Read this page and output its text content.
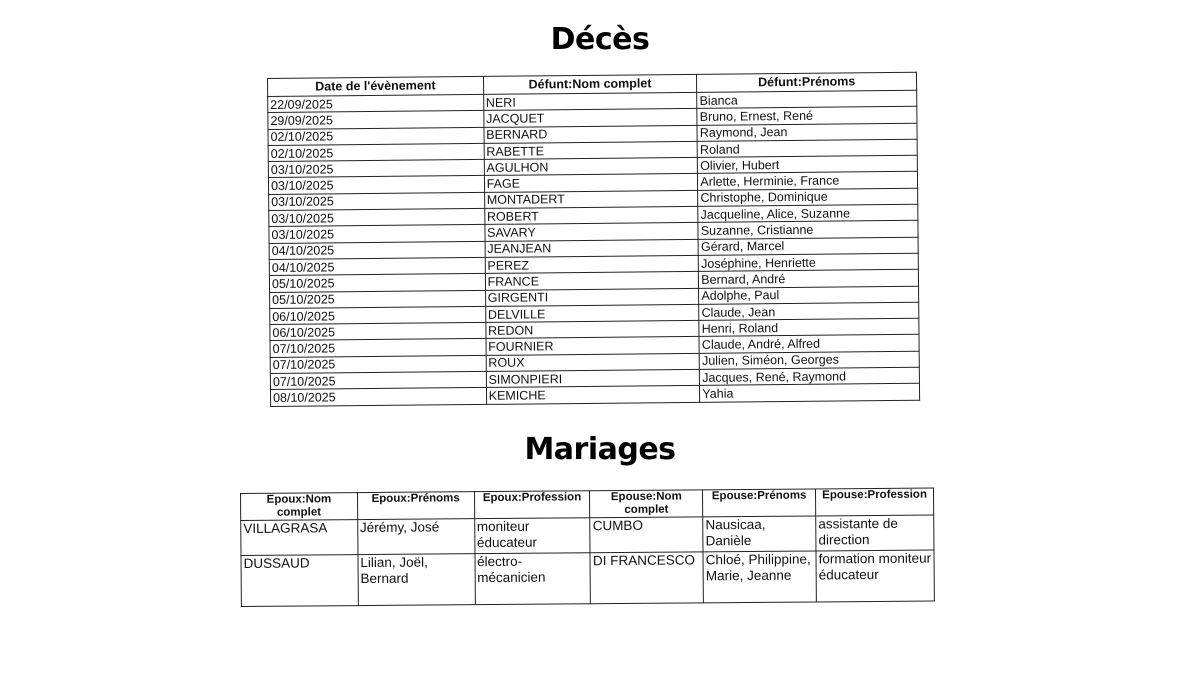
Décès
Date de l'évènement	Défunt:Nom complet	Défunt:Prénoms
22/09/2025	NERI	Bianca
29/09/2025	JACQUET	Bruno, Ernest, René
02/10/2025	BERNARD	Raymond, Jean
02/10/2025	RABETTE	Roland
03/10/2025	AGULHON	Olivier, Hubert
03/10/2025	FAGE	Arlette, Herminie, France
03/10/2025	MONTADERT	Christophe, Dominique
03/10/2025	ROBERT	Jacqueline, Alice, Suzanne
03/10/2025	SAVARY	Suzanne, Cristianne
04/10/2025	JEANJEAN	Gérard, Marcel
04/10/2025	PEREZ	Joséphine, Henriette
05/10/2025	FRANCE	Bernard, André
05/10/2025	GIRGENTI	Adolphe, Paul
06/10/2025	DELVILLE	Claude, Jean
06/10/2025	REDON	Henri, Roland
07/10/2025	FOURNIER	Claude, André, Alfred
07/10/2025	ROUX	Julien, Siméon, Georges
07/10/2025	SIMONPIERI	Jacques, René, Raymond
08/10/2025	KEMICHE	Yahia
Mariages
Epoux:Nom complet	Epoux:Prénoms	Epoux:Profession	Epouse:Nom complet	Epouse:Prénoms	Epouse:Profession
VILLAGRASA	Jérémy, José	moniteur éducateur	CUMBO	Nausicaa, Danièle	assistante de direction
DUSSAUD	Lilian, Joël, Bernard	électro-mécanicien	DI FRANCESCO	Chloé, Philippine, Marie, Jeanne	formation moniteur éducateur
